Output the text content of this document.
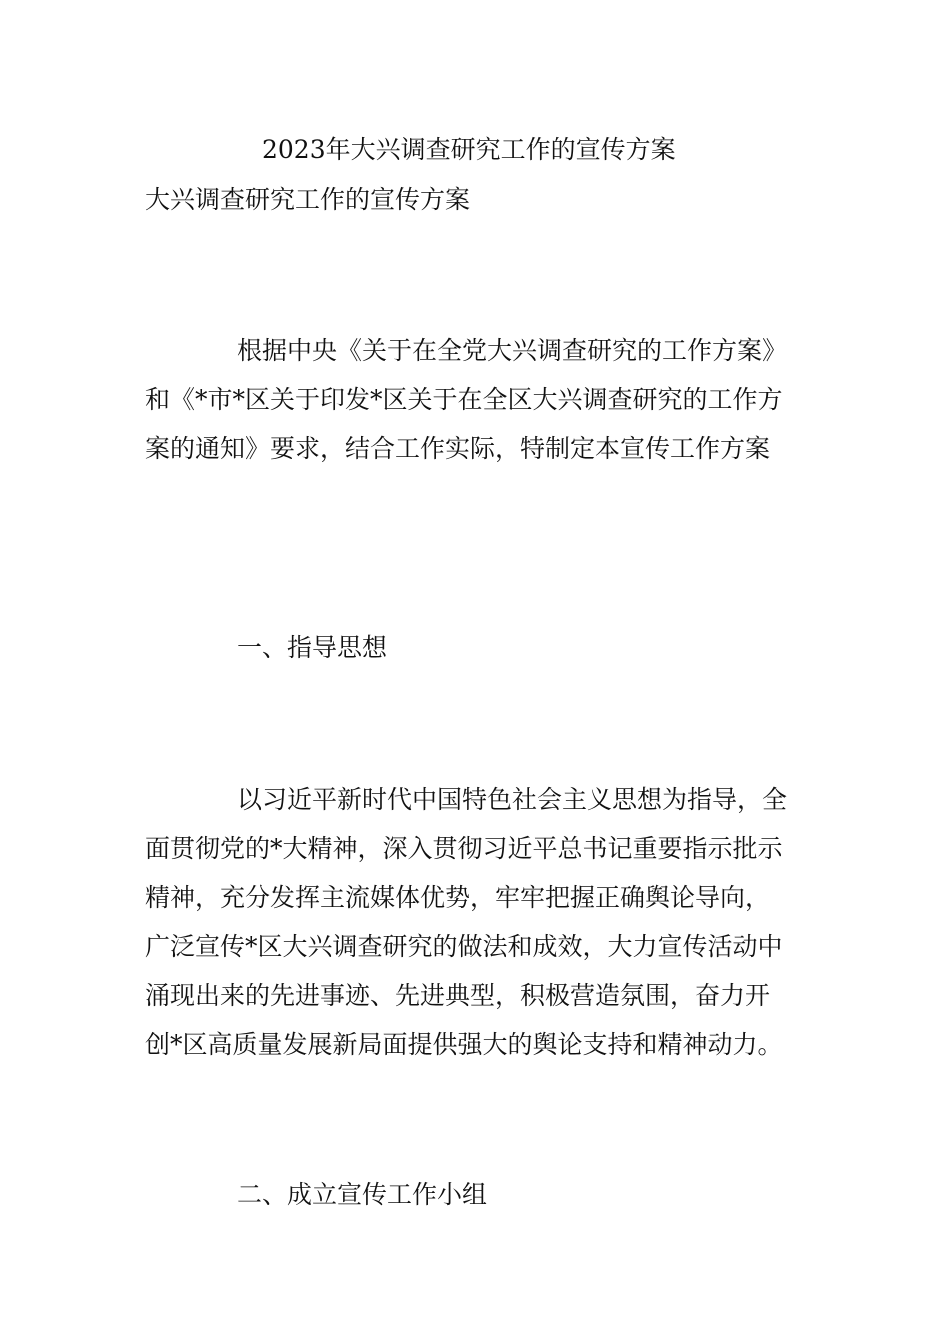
2023年大兴调查研究工作的宣传方案
大兴调查研究工作的宣传方案
根据中央《关于在全党大兴调查研究的工作方案》
和《*市*区关于印发*区关于在全区大兴调查研究的工作方
案的通知》要求，结合工作实际，特制定本宣传工作方案
一、指导思想
以习近平新时代中国特色社会主义思想为指导，全
面贯彻党的*大精神，深入贯彻习近平总书记重要指示批示
精神，充分发挥主流媒体优势，牢牢把握正确舆论导向，
广泛宣传*区大兴调查研究的做法和成效，大力宣传活动中
涌现出来的先进事迹、先进典型，积极营造氛围，奋力开
创*区高质量发展新局面提供强大的舆论支持和精神动力。
二、成立宣传工作小组
